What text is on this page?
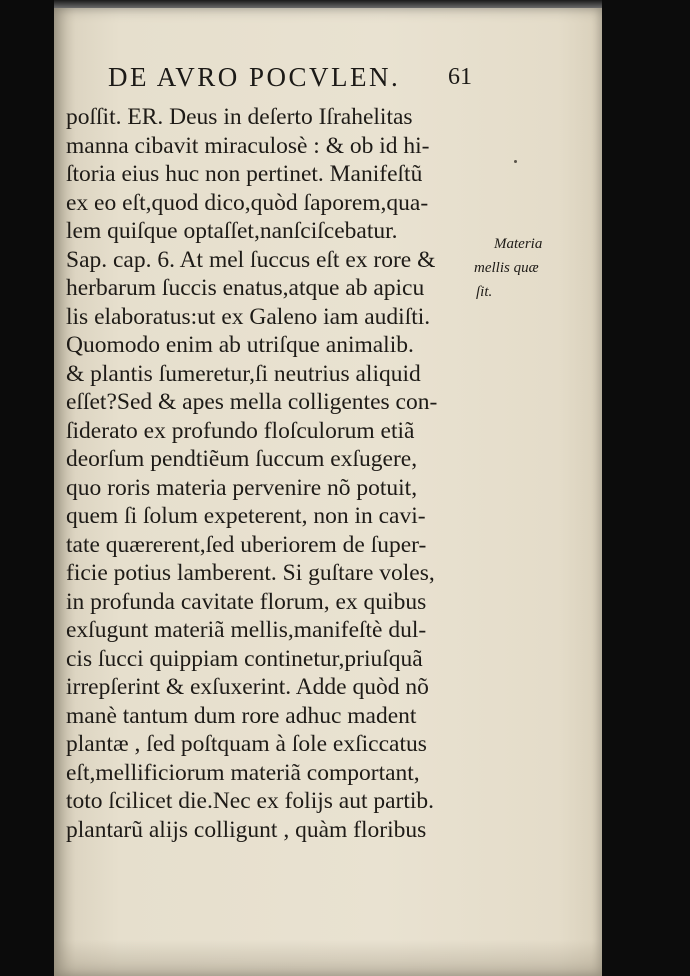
DE AVRO POCVLEN. 61
poſſit. ER. Deus in deſerto Iſrahelitas
manna cibavit miraculosè : & ob id hi-
ſtoria eius huc non pertinet. Manifeſtũ
ex eo eſt,quod dico,quòd ſaporem,qua-
lem quiſque optaſſet,nanſciſcebatur.
Sap. cap. 6. At mel ſuccus eſt ex rore &
herbarum ſuccis enatus,atque ab apicu
lis elaboratus:ut ex Galeno iam audiſti.
Quomodo enim ab utriſque animalib.
& plantis ſumeretur,ſi neutrius aliquid
eſſet?Sed & apes mella colligentes con-
ſiderato ex profundo floſculorum etiã
deorſum pendtiẽum ſuccum exſugere,
quo roris materia pervenire nõ potuit,
quem ſi ſolum expeterent, non in cavi-
tate quærerent,ſed uberiorem de ſuper-
ficie potius lamberent. Si guſtare voles,
in profunda cavitate florum, ex quibus
exſugunt materiã mellis,manifeſtè dul-
cis ſucci quippiam continetur,priuſquã
irrepſerint & exſuxerint. Adde quòd nõ
manè tantum dum rore adhuc madent
plantæ , ſed poſtquam à ſole exſiccatus
eſt,mellificiorum materiã comportant,
toto ſcilicet die.Nec ex folijs aut partib.
plantarũ alijs colligunt , quàm floribus
Materia
mellis quæ
ſit.
